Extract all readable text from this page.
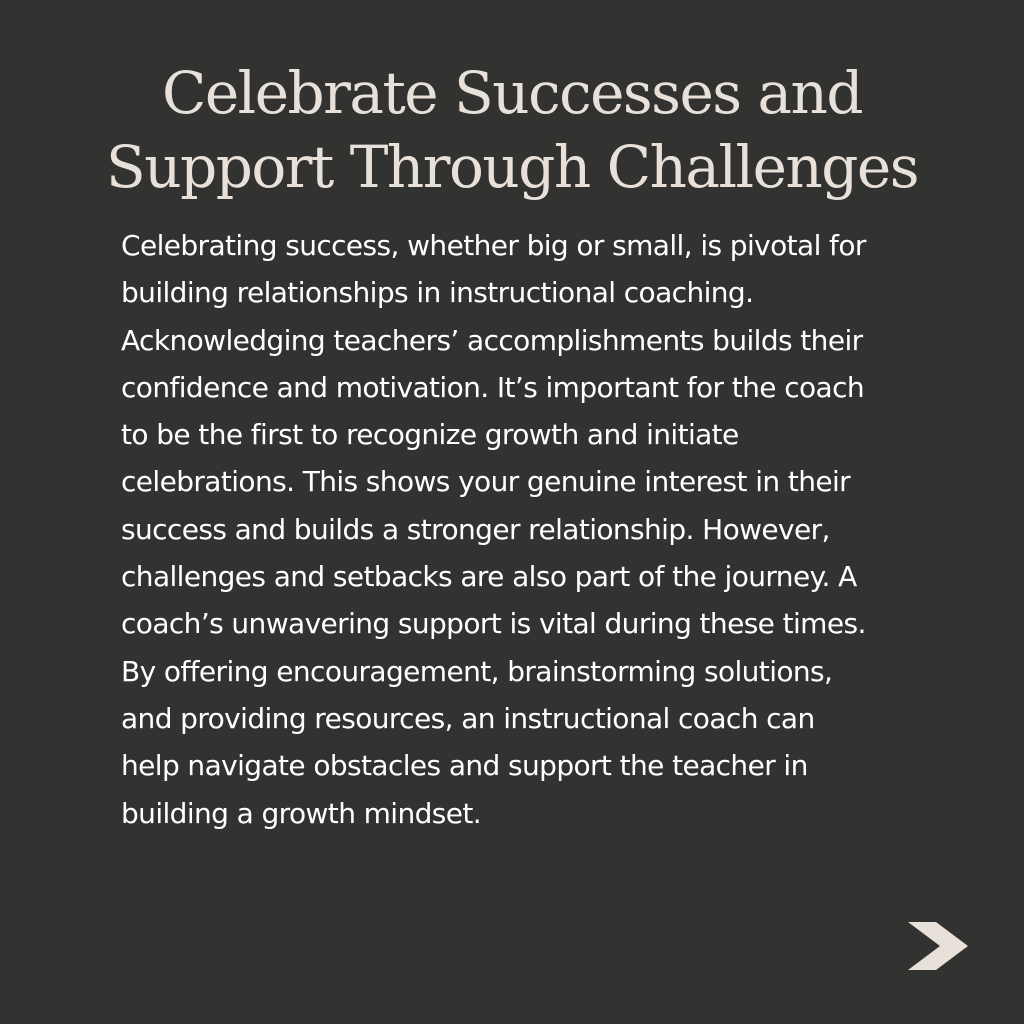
Celebrate Successes and
Support Through Challenges
Celebrating success, whether big or small, is pivotal for
building relationships in instructional coaching.
Acknowledging teachers’ accomplishments builds their
confidence and motivation. It’s important for the coach
to be the first to recognize growth and initiate
celebrations. This shows your genuine interest in their
success and builds a stronger relationship. However,
challenges and setbacks are also part of the journey. A
coach’s unwavering support is vital during these times.
By offering encouragement, brainstorming solutions,
and providing resources, an instructional coach can
help navigate obstacles and support the teacher in
building a growth mindset.
